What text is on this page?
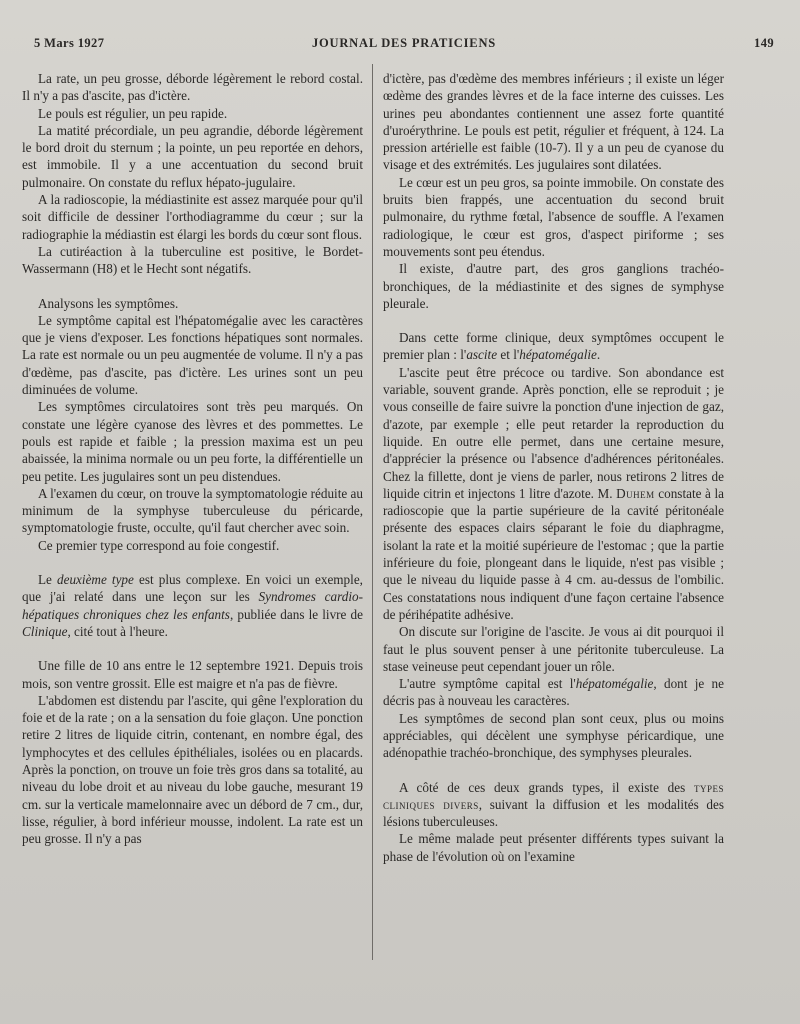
5 Mars 1927	JOURNAL DES PRATICIENS	149

La rate, un peu grosse, déborde légèrement le rebord costal. Il n'y a pas d'ascite, pas d'ictère.

Le pouls est régulier, un peu rapide.

La matité précordiale, un peu agrandie, déborde légèrement le bord droit du sternum ; la pointe, un peu reportée en dehors, est immobile. Il y a une accentuation du second bruit pulmonaire. On constate du reflux hépato-jugulaire.

A la radioscopie, la médiastinite est assez marquée pour qu'il soit difficile de dessiner l'orthodiagramme du cœur ; sur la radiographie la médiastin est élargi les bords du cœur sont flous.

La cutiréaction à la tuberculine est positive, le Bordet-Wassermann (H8) et le Hecht sont négatifs.

Analysons les symptômes.

Le symptôme capital est l'hépatomégalie avec les caractères que je viens d'exposer. Les fonctions hépatiques sont normales. La rate est normale ou un peu augmentée de volume. Il n'y a pas d'œdème, pas d'ascite, pas d'ictère. Les urines sont un peu diminuées de volume.

Les symptômes circulatoires sont très peu marqués. On constate une légère cyanose des lèvres et des pommettes. Le pouls est rapide et faible ; la pression maxima est un peu abaissée, la minima normale ou un peu forte, la différentielle un peu petite. Les jugulaires sont un peu distendues.

A l'examen du cœur, on trouve la symptomatologie réduite au minimum de la symphyse tuberculeuse du péricarde, symptomatologie fruste, occulte, qu'il faut chercher avec soin.

Ce premier type correspond au foie congestif.

Le deuxième type est plus complexe. En voici un exemple, que j'ai relaté dans une leçon sur les Syndromes cardio-hépatiques chroniques chez les enfants, publiée dans le livre de Clinique, cité tout à l'heure.

Une fille de 10 ans entre le 12 septembre 1921. Depuis trois mois, son ventre grossit. Elle est maigre et n'a pas de fièvre.

L'abdomen est distendu par l'ascite, qui gêne l'exploration du foie et de la rate ; on a la sensation du foie glaçon. Une ponction retire 2 litres de liquide citrin, contenant, en nombre égal, des lymphocytes et des cellules épithéliales, isolées ou en placards. Après la ponction, on trouve un foie très gros dans sa totalité, au niveau du lobe droit et au niveau du lobe gauche, mesurant 19 cm. sur la verticale mamelonnaire avec un débord de 7 cm., dur, lisse, régulier, à bord inférieur mousse, indolent. La rate est un peu grosse. Il n'y a pas

d'ictère, pas d'œdème des membres inférieurs ; il existe un léger œdème des grandes lèvres et de la face interne des cuisses. Les urines peu abondantes contiennent une assez forte quantité d'uroérythrine. Le pouls est petit, régulier et fréquent, à 124. La pression artérielle est faible (10-7). Il y a un peu de cyanose du visage et des extrémités. Les jugulaires sont dilatées.

Le cœur est un peu gros, sa pointe immobile. On constate des bruits bien frappés, une accentuation du second bruit pulmonaire, du rythme fœtal, l'absence de souffle. A l'examen radiologique, le cœur est gros, d'aspect piriforme ; ses mouvements sont peu étendus.

Il existe, d'autre part, des gros ganglions trachéo-bronchiques, de la médiastinite et des signes de symphyse pleurale.

Dans cette forme clinique, deux symptômes occupent le premier plan : l'ascite et l'hépatomégalie.

L'ascite peut être précoce ou tardive. Son abondance est variable, souvent grande. Après ponction, elle se reproduit ; je vous conseille de faire suivre la ponction d'une injection de gaz, d'azote, par exemple ; elle peut retarder la reproduction du liquide. En outre elle permet, dans une certaine mesure, d'apprécier la présence ou l'absence d'adhérences péritonéales. Chez la fillette, dont je viens de parler, nous retirons 2 litres de liquide citrin et injectons 1 litre d'azote. M. Duhem constate à la radioscopie que la partie supérieure de la cavité péritonéale présente des espaces clairs séparant le foie du diaphragme, isolant la rate et la moitié supérieure de l'estomac ; que la partie inférieure du foie, plongeant dans le liquide, n'est pas visible ; que le niveau du liquide passe à 4 cm. au-dessus de l'ombilic. Ces constatations nous indiquent d'une façon certaine l'absence de périhépatite adhésive.

On discute sur l'origine de l'ascite. Je vous ai dit pourquoi il faut le plus souvent penser à une péritonite tuberculeuse. La stase veineuse peut cependant jouer un rôle.

L'autre symptôme capital est l'hépatomégalie, dont je ne décris pas à nouveau les caractères.

Les symptômes de second plan sont ceux, plus ou moins appréciables, qui décèlent une symphyse péricardique, une adénopathie trachéo-bronchique, des symphyses pleurales.

A côté de ces deux grands types, il existe des types cliniques divers, suivant la diffusion et les modalités des lésions tuberculeuses.

Le même malade peut présenter différents types suivant la phase de l'évolution où on l'examine
